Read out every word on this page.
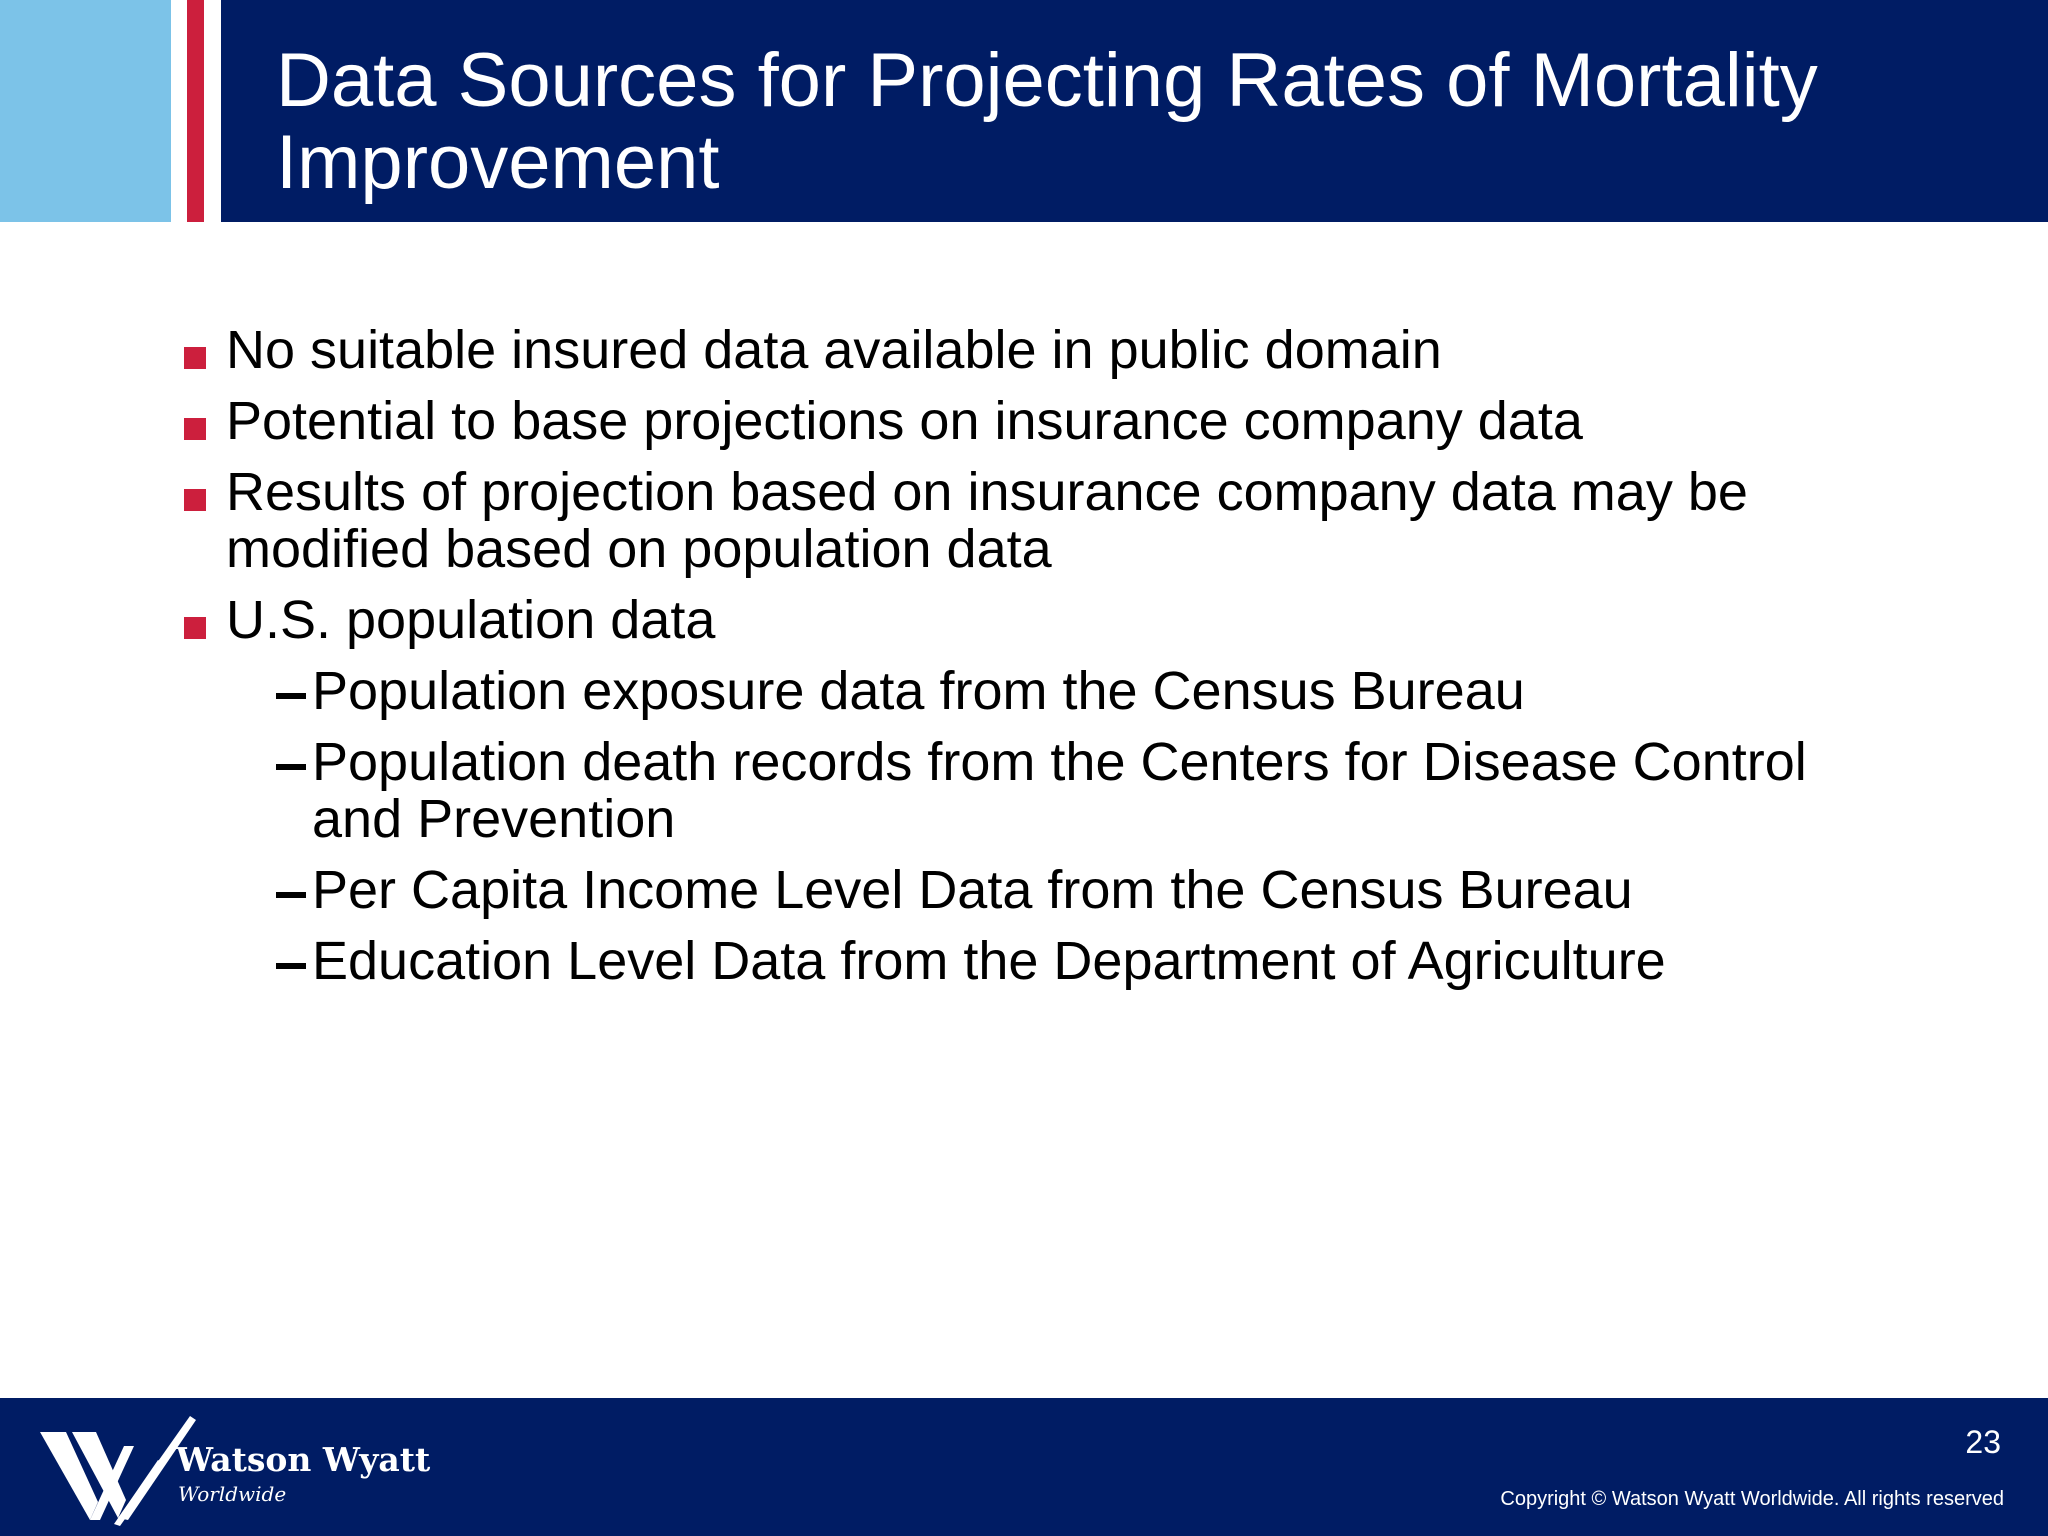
Data Sources for Projecting Rates of Mortality Improvement
No suitable insured data available in public domain
Potential to base projections on insurance company data
Results of projection based on insurance company data may be modified based on population data
U.S. population data
Population exposure data from the Census Bureau
Population death records from the Centers for Disease Control and Prevention
Per Capita Income Level Data from the Census Bureau
Education Level Data from the Department of Agriculture
Watson Wyatt
Worldwide
23
Copyright © Watson Wyatt Worldwide. All rights reserved
